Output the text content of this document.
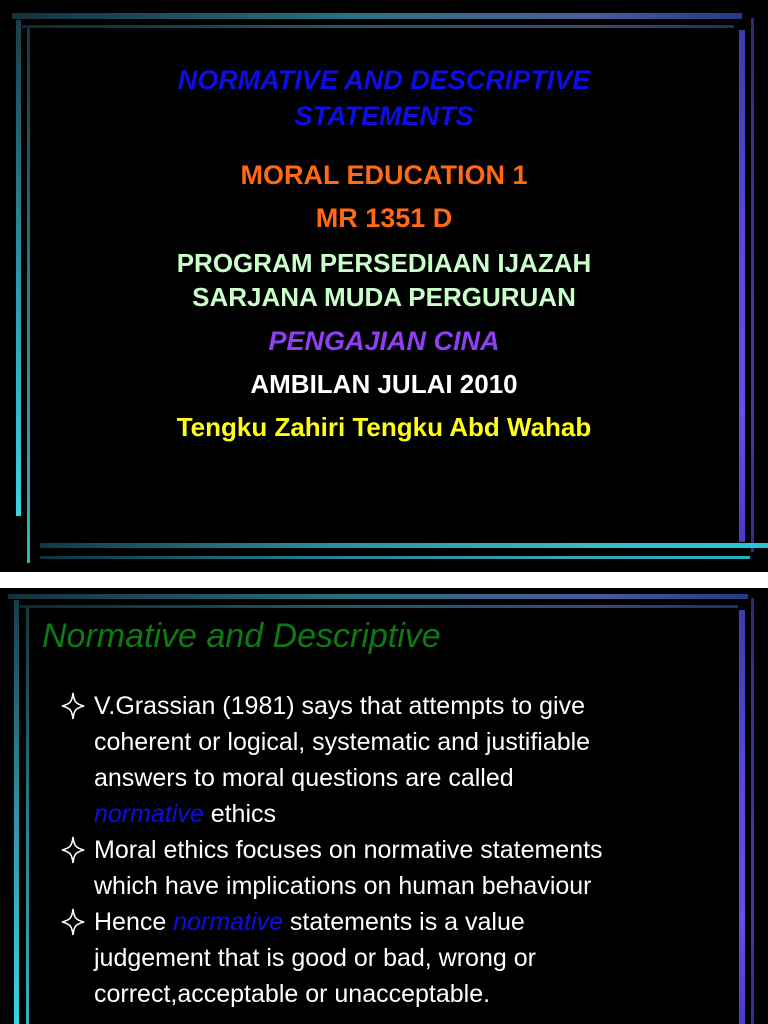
NORMATIVE AND DESCRIPTIVE
STATEMENTS
MORAL EDUCATION 1
MR 1351 D
PROGRAM PERSEDIAAN IJAZAH
SARJANA MUDA PERGURUAN
PENGAJIAN CINA
AMBILAN JULAI 2010
Tengku Zahiri Tengku Abd Wahab
Normative and Descriptive
V.Grassian (1981) says that attempts to give
coherent or logical, systematic and justifiable
answers to moral questions are called
normative ethics
Moral ethics focuses on normative statements
which have implications on human behaviour
Hence normative statements is a value
judgement that is good or bad, wrong or
correct,acceptable or unacceptable.
